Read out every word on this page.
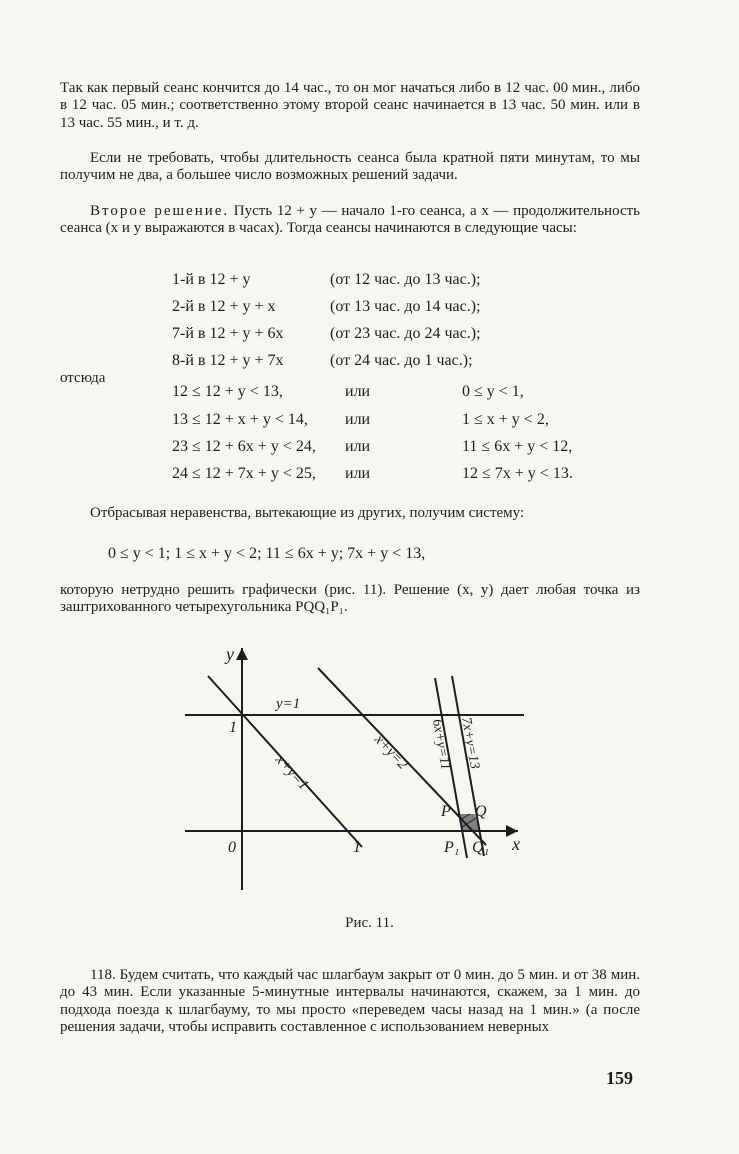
Так как первый сеанс кончится до 14 час., то он мог начаться либо в 12 час. 00 мин., либо в 12 час. 05 мин.; соответственно этому второй сеанс начинается в 13 час. 50 мин. или в 13 час. 55 мин., и т. д.
Если не требовать, чтобы длительность сеанса была кратной пяти минутам, то мы получим не два, а большее число возможных решений задачи.
Второе решение. Пусть 12 + y — начало 1-го сеанса, а x — продолжительность сеанса (x и y выражаются в часах). Тогда сеансы начинаются в следующие часы:
1-й в 12 + y	(от 12 час. до 13 час.);
2-й в 12 + y + x	(от 13 час. до 14 час.);
7-й в 12 + y + 6x	(от 23 час. до 24 час.);
8-й в 12 + y + 7x	(от 24 час. до 1 час.);
отсюда
12 ≤ 12 + y < 13,	или	0 ≤ y < 1,
13 ≤ 12 + x + y < 14, или	1 ≤ x + y < 2,
23 ≤ 12 + 6x + y < 24, или	11 ≤ 6x + y < 12,
24 ≤ 12 + 7x + y < 25, или	12 ≤ 7x + y < 13.
Отбрасывая неравенства, вытекающие из других, получим систему:
0 ≤ y < 1; 1 ≤ x + y < 2; 11 ≤ 6x + y; 7x + y < 13,
которую нетрудно решить графически (рис. 11). Решение (x, y) дает любая точка из заштрихованного четырехугольника PQQ₁P₁.
y
x
0
1
1
y=1
x+y=1	x+y=2 6x+y=11 7x+y=13
P Q
P₁ Q₁
Рис. 11.
118. Будем считать, что каждый час шлагбаум закрыт от 0 мин. до 5 мин. и от 38 мин. до 43 мин. Если указанные 5-минутные интервалы начинаются, скажем, за 1 мин. до подхода поезда к шлагбауму, то мы просто «переведем часы назад на 1 мин.» (а после решения задачи, чтобы исправить составленное с использованием неверных
159
